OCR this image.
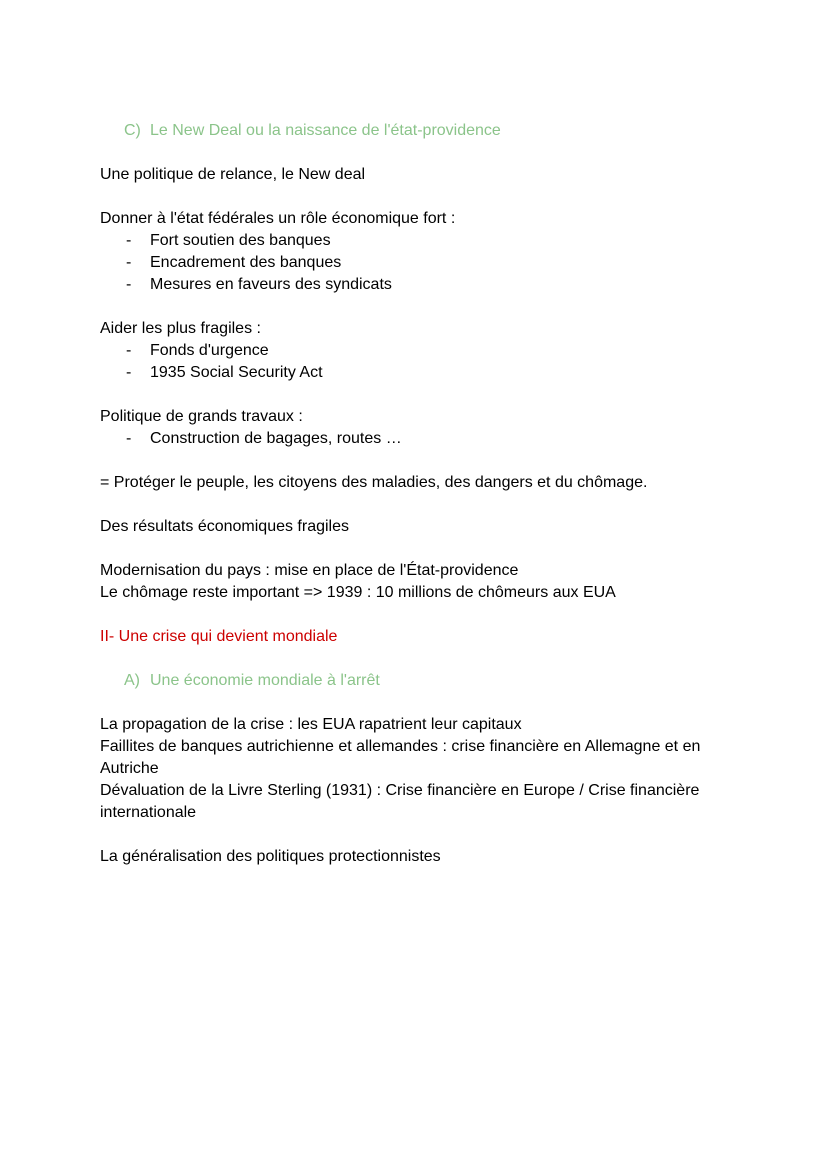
C) Le New Deal ou la naissance de l'état-providence

Une politique de relance, le New deal

Donner à l'état fédérales un rôle économique fort :

- Fort soutien des banques
- Encadrement des banques
- Mesures en faveurs des syndicats

Aider les plus fragiles :

- Fonds d'urgence
- 1935 Social Security Act

Politique de grands travaux :

- Construction de bagages, routes …

= Protéger le peuple, les citoyens des maladies, des dangers et du chômage.

Des résultats économiques fragiles

Modernisation du pays : mise en place de l'État-providence

Le chômage reste important => 1939 : 10 millions de chômeurs aux EUA

II- Une crise qui devient mondiale
A) Une économie mondiale à l'arrêt

La propagation de la crise : les EUA rapatrient leur capitaux

Faillites de banques autrichienne et allemandes : crise financière en Allemagne et en Autriche

Dévaluation de la Livre Sterling (1931) : Crise financière en Europe / Crise financière internationale

La généralisation des politiques protectionnistes
